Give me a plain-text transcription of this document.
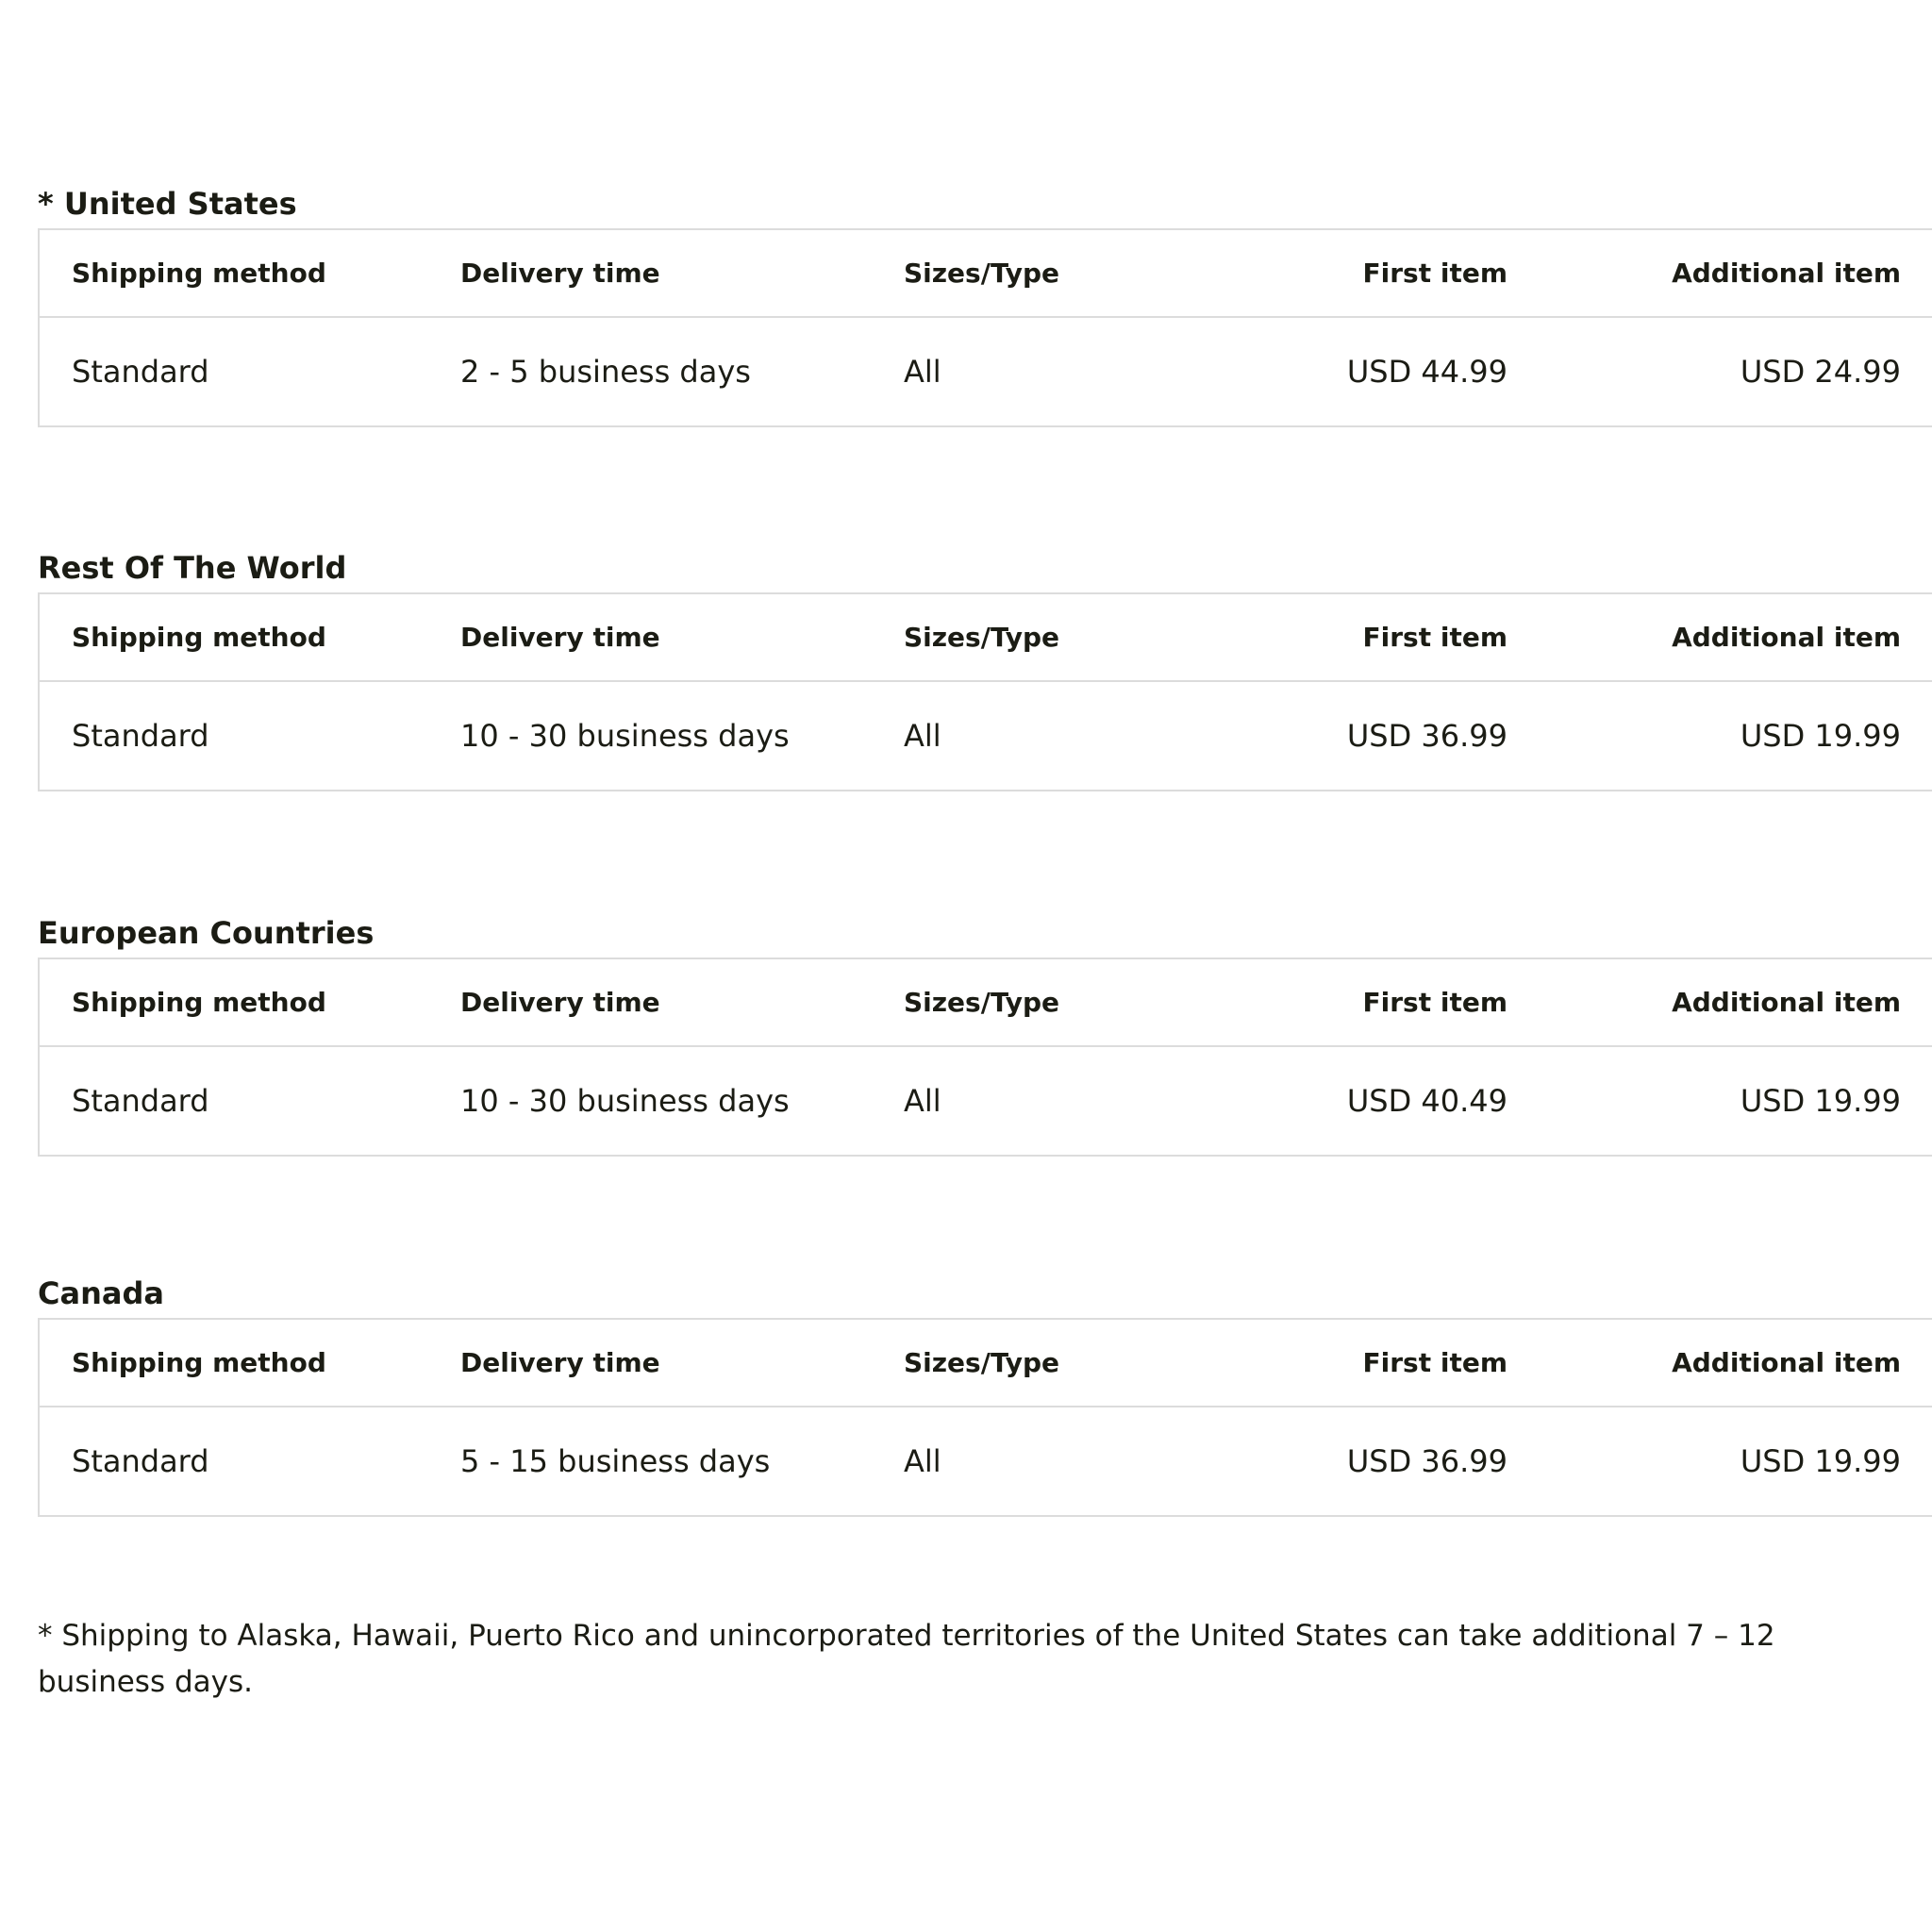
* United States
Shipping method	Delivery time	Sizes/Type	First item	Additional item
Standard	2 - 5 business days	All	USD 44.99	USD 24.99
Rest Of The World
Shipping method	Delivery time	Sizes/Type	First item	Additional item
Standard	10 - 30 business days	All	USD 36.99	USD 19.99
European Countries
Shipping method	Delivery time	Sizes/Type	First item	Additional item
Standard	10 - 30 business days	All	USD 40.49	USD 19.99
Canada
Shipping method	Delivery time	Sizes/Type	First item	Additional item
Standard	5 - 15 business days	All	USD 36.99	USD 19.99

* Shipping to Alaska, Hawaii, Puerto Rico and unincorporated territories of the United States can take additional 7 – 12 business days.
